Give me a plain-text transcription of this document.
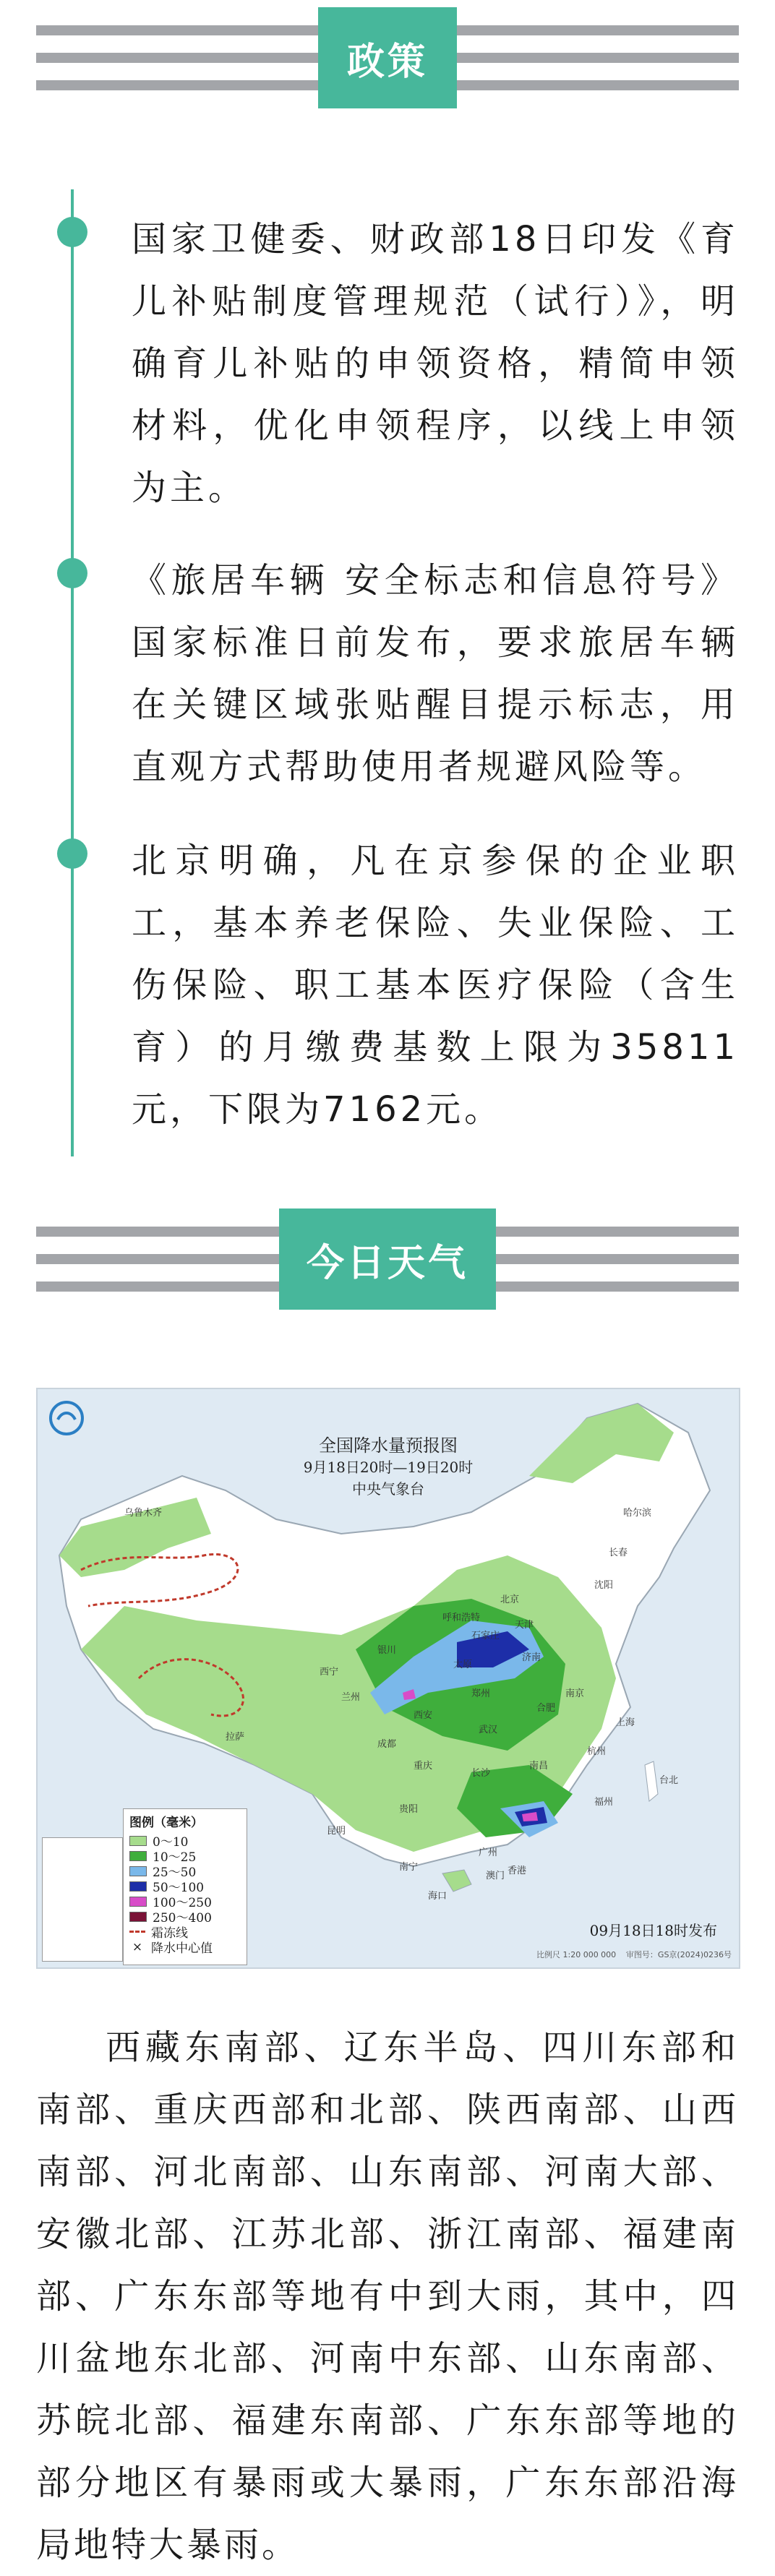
政策
国家卫健委、财政部18日印发《育儿补贴制度管理规范（试行）》，明确育儿补贴的申领资格，精简申领材料，优化申领程序，以线上申领为主。
《旅居车辆 安全标志和信息符号》国家标准日前发布，要求旅居车辆在关键区域张贴醒目提示标志，用直观方式帮助使用者规避风险等。
北京明确，凡在京参保的企业职工，基本养老保险、失业保险、工伤保险、职工基本医疗保险（含生育）的月缴费基数上限为35811元，下限为7162元。
今日天气
全国降水量预报图
9月18日20时—19日20时
中央气象台
图例（毫米）
0～10
10～25
25～50
50～100
100～250
250～400
霜冻线
× 降水中心值
哈尔滨
长春
沈阳
北京
天津
呼和浩特
石家庄
太原
济南
银川
西宁
兰州
西安
郑州
合肥
南京
上海
武汉
杭州
成都
重庆
长沙
南昌
福州
贵阳
昆明
南宁
广州
香港
澳门
海口
台北
拉萨
乌鲁木齐
09月18日18时发布
比例尺 1:20 000 000 审图号：GS京(2024)0236号
西藏东南部、辽东半岛、四川东部和南部、重庆西部和北部、陕西南部、山西南部、河北南部、山东南部、河南大部、安徽北部、江苏北部、浙江南部、福建南部、广东东部等地有中到大雨，其中，四川盆地东北部、河南中东部、山东南部、苏皖北部、福建东南部、广东东部等地的部分地区有暴雨或大暴雨，广东东部沿海局地特大暴雨。
